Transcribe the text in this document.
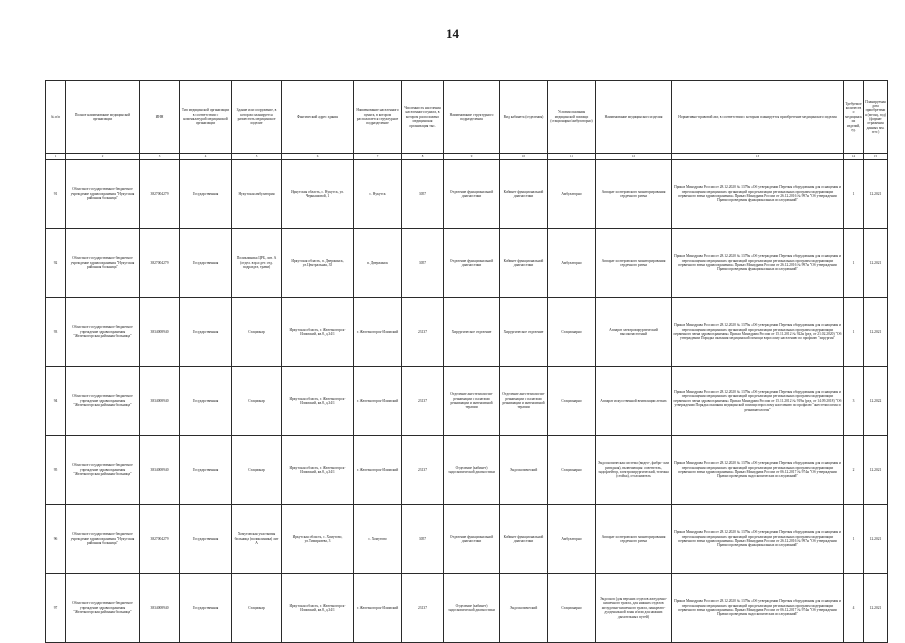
14
№ п/п	Полное наименование медицинской организации	ИНН	Тип медицинской организации в соответствии с номенклатурой медицинской организации	Здание или сооружение, в котором планируется разместить медицинское изделие	Фактический адрес здания	Наименование населенного пункта, в котором располагается структурное подразделение	Численность населения населенного пункта, в котором расположено медицинская организация тыс.	Наименование структурного подразделения	Вид кабинета (отделения)	Условия оказания медицинской помощи (стационарно/амбулаторно)	Наименование медицинского изделия	Нормативно-правовой акт, в соответствии с которым планируется приобретение медицинского изделия	Требуемое количество медицинских изделий, ед.	Планируемая дата приобретения (месяц, год) (формат отражения данных мм. гггг.)
1	2	3	4	5	6	7	8	9	10	11	12	13	14	15
91	Областное государственное бюджетное учреждение здравоохранения "Нукутская районная больница"	3827004279	Государственная	Нукутская амбулатория	Иркутская область, с. Нукутск, ул. Чернышовой, 1	с. Нукутск	3057	Отделение функциональной диагностики	Кабинет функциональной диагностики	Амбулаторно	Аппарат холтеровского мониторирования сердечного ритма	Приказ Минздрава России от 28.12.2020 № 1379н «Об утверждении Перечня оборудования для оснащения и переоснащения медицинских организаций при реализации региональных программ модернизации первичного звена здравоохранения» Приказ Минздрава России от 26.12.2016 № 997н "Об утверждении Правил проведения функциональных исследований"	1	12.2021
92	Областное государственное бюджетное учреждение здравоохранения "Нукутская районная больница"	3827004279	Государственная	Поликлиника ЦРБ, лит. А (отдел. взр.и дет. отд. подраздел, травм)	Иркутская область, п. Двержинск, ул.Центральная, 35	п. Двержинск	3057	Отделение функциональной диагностики	Кабинет функциональной диагностики	Амбулаторно	Аппарат холтеровского мониторирования сердечного ритма	Приказ Минздрава России от 28.12.2020 № 1379н «Об утверждении Перечня оборудования для оснащения и переоснащения медицинских организаций при реализации региональных программ модернизации первичного звена здравоохранения» Приказ Минздрава России от 26.12.2016 № 997н "Об утверждении Правил проведения функциональных исследований"	1	12.2021
93	Областное государственное бюджетное учреждение здравоохранения "Железногорская районная больница"	3834008940	Государственная	Стационар	Иркутская область, г. Железногорск-Илимский, кв.8, д.34/1	г. Железногорск-Илимский	23137	Хирургическое отделение	Хирургическое отделение	Стационарно	Аппарат электрохирургический высокочастотный	Приказ Минздрава России от 28.12.2020 № 1379н «Об утверждении Перечня оборудования для оснащения и переоснащения медицинских организаций при реализации региональных программ модернизации первичного звена здравоохранения» Приказ Минздрава России от 15.11.2012 № 922н (ред. от 21.02.2020) "Об утверждении Порядка оказания медицинской помощи взрослому населению по профилю "хирургия"	1	12.2021
94	Областное государственное бюджетное учреждение здравоохранения "Железногорская районная больница"	3834008940	Государственная	Стационар	Иркутская область, г. Железногорск-Илимский, кв.8, д.34/1	г. Железногорск-Илимский	23137	Отделение анестезиологии-реанимации с палатами реанимации и интенсивной терапии	Отделение анестезиологии-реанимации с палатами реанимации и интенсивной терапии	Стационарно	Аппарат искусственной вентиляции легких	Приказ Минздрава России от 28.12.2020 № 1379н «Об утверждении Перечня оборудования для оснащения и переоснащения медицинских организаций при реализации региональных программ модернизации первичного звена здравоохранения» Приказ Минздрава России от 15.11.2012 № 919н (ред. от 14.09.2018) "Об утверждении Порядка оказания медицинской помощи взрослому населению по профилю "анестезиология и реаниматология"	3	12.2022
95	Областное государственное бюджетное учреждение здравоохранения "Железногорская районная больница"	3834008940	Государственная	Стационар	Иркутская область, г. Железногорск-Илимский, кв.8, д.34/1	г. Железногорск-Илимский	23137	Отделение (кабинет) эндоскопической диагностики	Эндоскопический	Стационарно	Эндоскопическая система (видео-, фибро- или ригидная), включающая: осветитель, эндофлейтор, электрохирургический, тележка (стойка), отсасыватель	Приказ Минздрава России от 28.12.2020 № 1379н «Об утверждении Перечня оборудования для оснащения и переоснащения медицинских организаций при реализации региональных программ модернизации первичного звена здравоохранения» Приказ Минздрава России от 06.12.2017 № 974н "Об утверждении Правил проведения эндоскопических исследований"	2	12.2021
96	Областное государственное бюджетное учреждение здравоохранения "Нукутская районная больница"	3827004279	Государственная	Хомутовская участковая больница (поликлиника) лит А	Иркутская область, с. Хомутово, ул.Тимирязева, 3	с. Хомутово	3057	Отделение функциональной диагностики	Кабинет функциональной диагностики	Амбулаторно	Аппарат холтеровского мониторирования сердечного ритма	Приказ Минздрава России от 28.12.2020 № 1379н «Об утверждении Перечня оборудования для оснащения и переоснащения медицинских организаций при реализации региональных программ модернизации первичного звена здравоохранения» Приказ Минздрава России от 26.12.2016 № 997н "Об утверждении Правил проведения функциональных исследований"	1	12.2021
97	Областное государственное бюджетное учреждение здравоохранения "Железногорская районная больница"	3834008940	Государственная	Стационар	Иркутская область, г. Железногорск-Илимский, кв.8, д.34/1	г. Железногорск-Илимский	23137	Отделение (кабинет) эндоскопической диагностики	Эндоскопический	Стационарно	Эндоскоп (для верхних отделов желудочно-кишечного тракта, для нижних отделов желудочно-кишечного тракта, панкреато-дуоденальной зоны и/или для нижних дыхательных путей)	Приказ Минздрава России от 28.12.2020 № 1379н «Об утверждении Перечня оборудования для оснащения и переоснащения медицинских организаций при реализации региональных программ модернизации первичного звена здравоохранения» Приказ Минздрава России от 06.12.2017 № 974н "Об утверждении Правил проведения эндоскопических исследований"	4	12.2021
